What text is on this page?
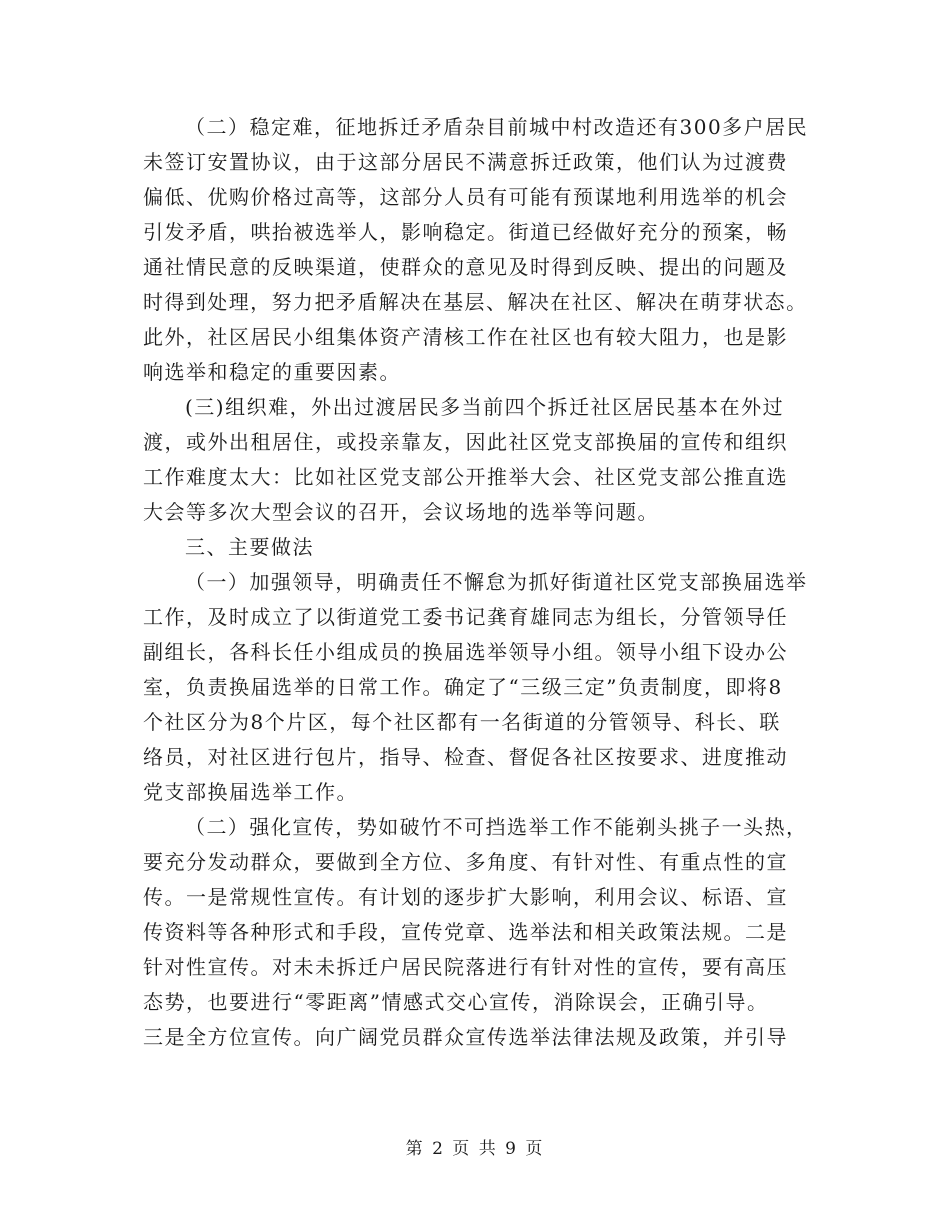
（二）稳定难，征地拆迁矛盾杂目前城中村改造还有300多户居民
未签订安置协议，由于这部分居民不满意拆迁政策，他们认为过渡费
偏低、优购价格过高等，这部分人员有可能有预谋地利用选举的机会
引发矛盾，哄抬被选举人，影响稳定。街道已经做好充分的预案，畅
通社情民意的反映渠道，使群众的意见及时得到反映、提出的问题及
时得到处理，努力把矛盾解决在基层、解决在社区、解决在萌芽状态。
此外，社区居民小组集体资产清核工作在社区也有较大阻力，也是影
响选举和稳定的重要因素。
(三)组织难，外出过渡居民多当前四个拆迁社区居民基本在外过
渡，或外出租居住，或投亲靠友，因此社区党支部换届的宣传和组织
工作难度太大：比如社区党支部公开推举大会、社区党支部公推直选
大会等多次大型会议的召开，会议场地的选举等问题。
三、主要做法
（一）加强领导，明确责任不懈怠为抓好街道社区党支部换届选举
工作，及时成立了以街道党工委书记龚育雄同志为组长，分管领导任
副组长，各科长任小组成员的换届选举领导小组。领导小组下设办公
室，负责换届选举的日常工作。确定了“三级三定”负责制度，即将8
个社区分为8个片区，每个社区都有一名街道的分管领导、科长、联
络员，对社区进行包片，指导、检查、督促各社区按要求、进度推动
党支部换届选举工作。
（二）强化宣传，势如破竹不可挡选举工作不能剃头挑子一头热，
要充分发动群众，要做到全方位、多角度、有针对性、有重点性的宣
传。一是常规性宣传。有计划的逐步扩大影响，利用会议、标语、宣
传资料等各种形式和手段，宣传党章、选举法和相关政策法规。二是
针对性宣传。对未未拆迁户居民院落进行有针对性的宣传，要有高压
态势，也要进行“零距离”情感式交心宣传，消除误会，正确引导。
三是全方位宣传。向广阔党员群众宣传选举法律法规及政策，并引导
第 2 页 共 9 页
